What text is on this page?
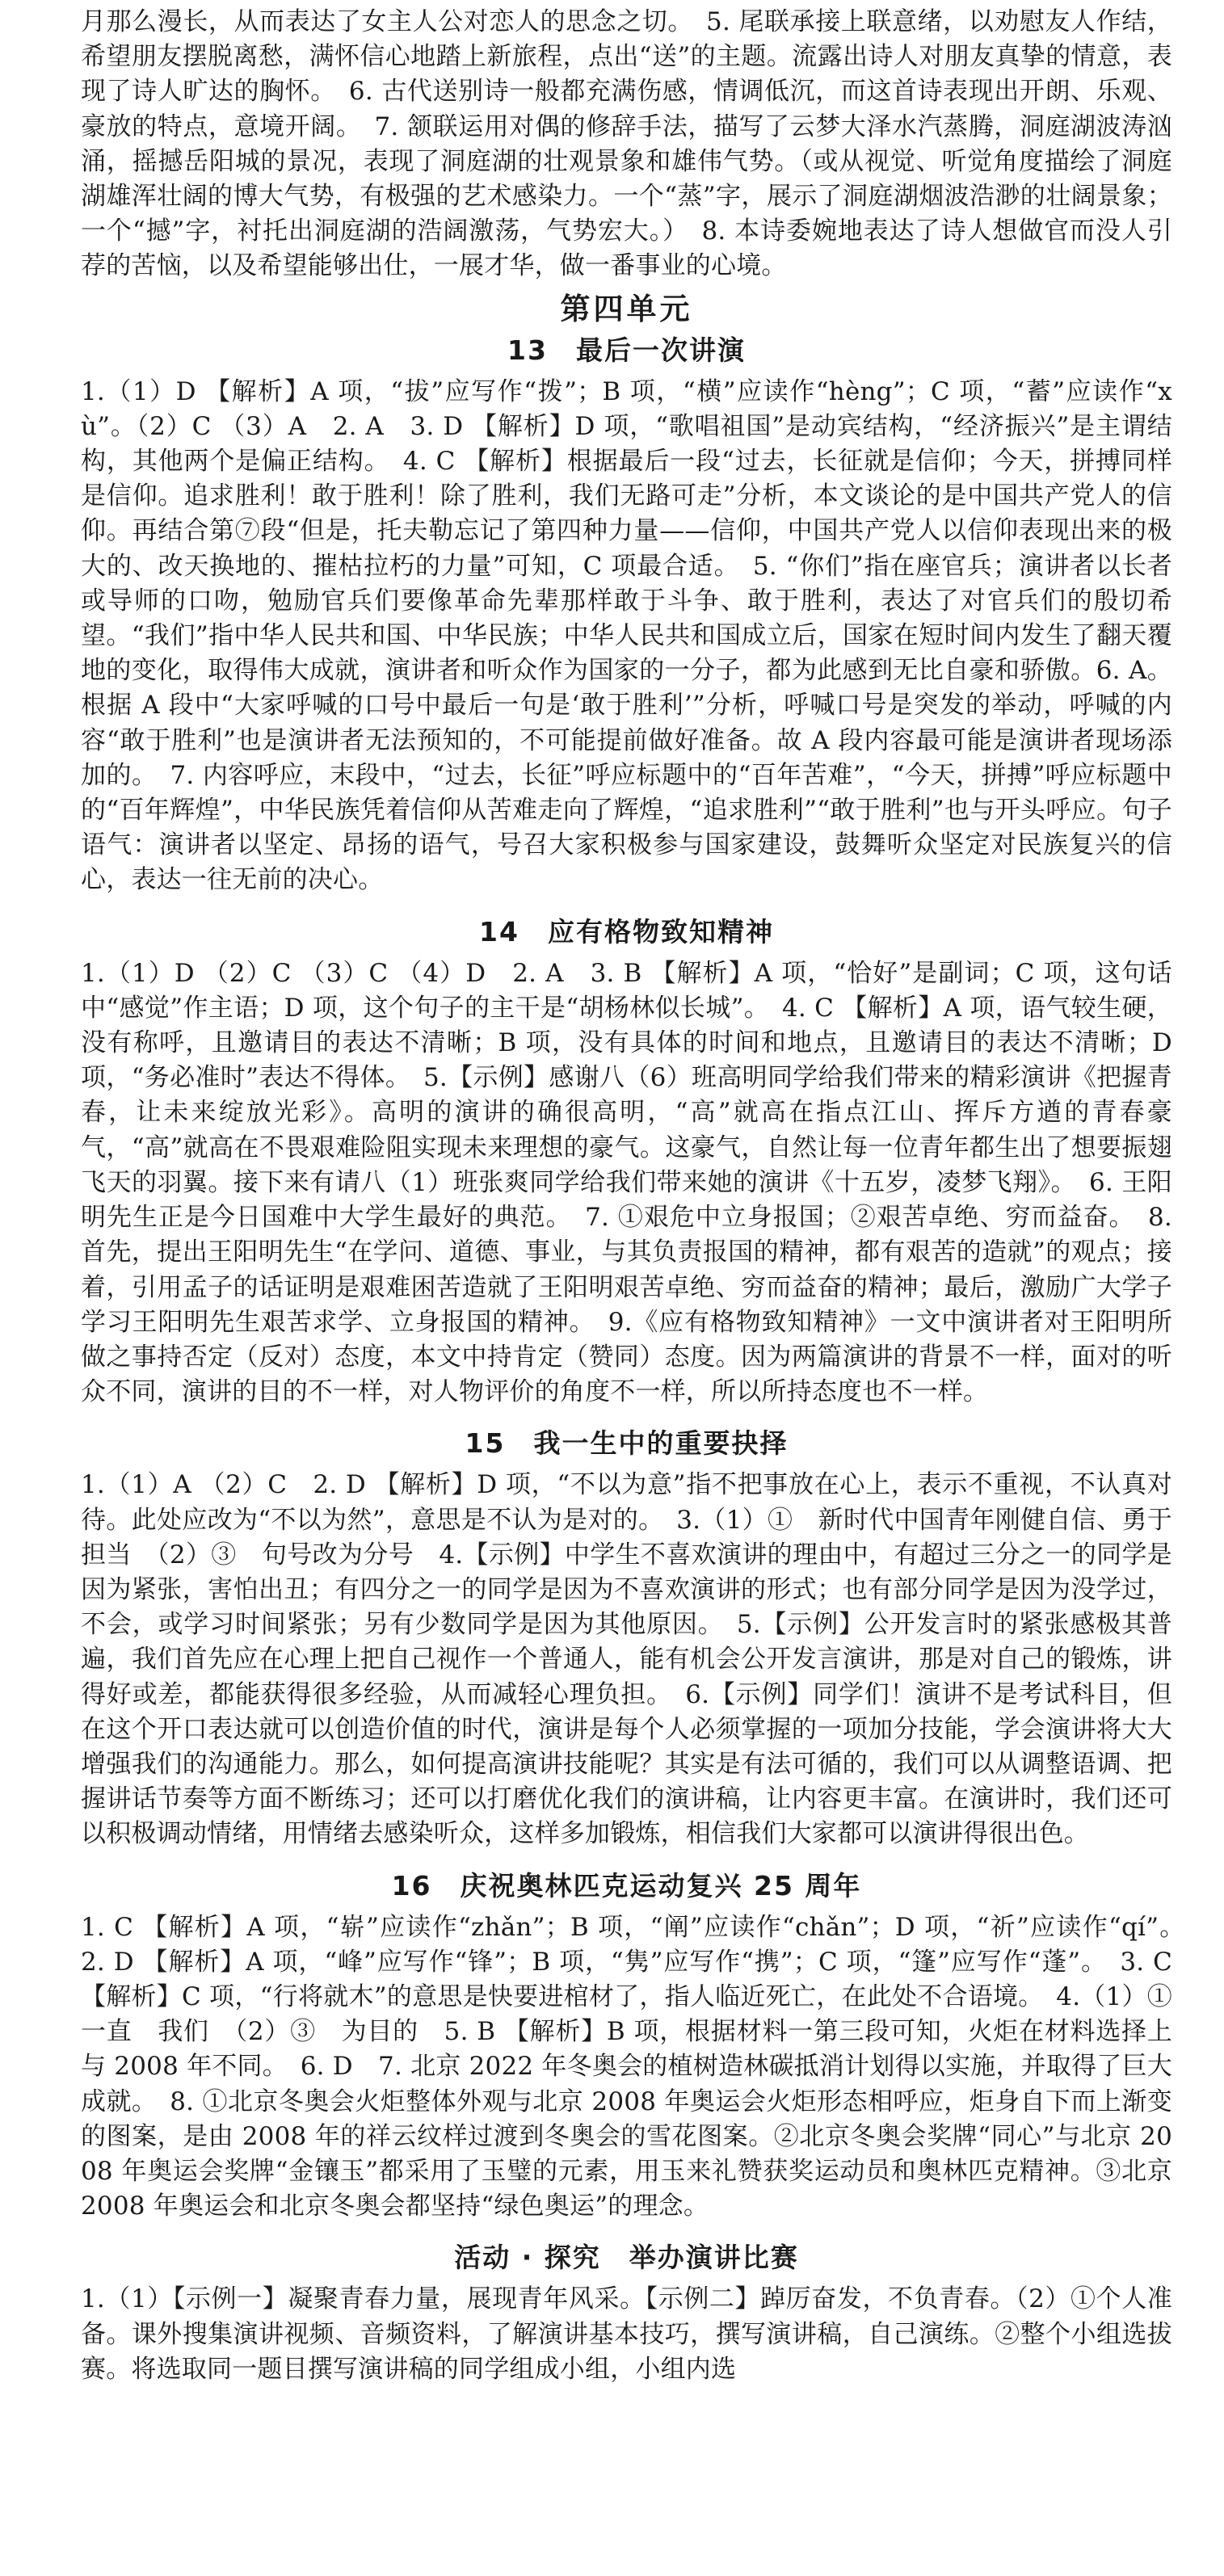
月那么漫长，从而表达了女主人公对恋人的思念之切。　5. 尾联承接上联意绪，以劝慰友人作结，希望朋友摆脱离愁，满怀信心地踏上新旅程，点出“送”的主题。流露出诗人对朋友真挚的情意，表现了诗人旷达的胸怀。　6. 古代送别诗一般都充满伤感，情调低沉，而这首诗表现出开朗、乐观、豪放的特点，意境开阔。　7. 颔联运用对偶的修辞手法，描写了云梦大泽水汽蒸腾，洞庭湖波涛汹涌，摇撼岳阳城的景况，表现了洞庭湖的壮观景象和雄伟气势。（或从视觉、听觉角度描绘了洞庭湖雄浑壮阔的博大气势，有极强的艺术感染力。一个“蒸”字，展示了洞庭湖烟波浩渺的壮阔景象；一个“撼”字，衬托出洞庭湖的浩阔激荡，气势宏大。）　8. 本诗委婉地表达了诗人想做官而没人引荐的苦恼，以及希望能够出仕，一展才华，做一番事业的心境。

第四单元
13　最后一次讲演

1.（1）D 【解析】A 项，“拔”应写作“拨”；B 项，“横”应读作“hèng”；C 项，“蓄”应读作“xù”。（2）C （3）A　2. A　3. D 【解析】D 项，“歌唱祖国”是动宾结构，“经济振兴”是主谓结构，其他两个是偏正结构。　4. C 【解析】根据最后一段“过去，长征就是信仰；今天，拼搏同样是信仰。追求胜利！敢于胜利！除了胜利，我们无路可走”分析，本文谈论的是中国共产党人的信仰。再结合第⑦段“但是，托夫勒忘记了第四种力量——信仰，中国共产党人以信仰表现出来的极大的、改天换地的、摧枯拉朽的力量”可知，C 项最合适。　5. “你们”指在座官兵；演讲者以长者或导师的口吻，勉励官兵们要像革命先辈那样敢于斗争、敢于胜利，表达了对官兵们的殷切希望。“我们”指中华人民共和国、中华民族；中华人民共和国成立后，国家在短时间内发生了翻天覆地的变化，取得伟大成就，演讲者和听众作为国家的一分子，都为此感到无比自豪和骄傲。6. A。根据 A 段中“大家呼喊的口号中最后一句是‘敢于胜利’”分析，呼喊口号是突发的举动，呼喊的内容“敢于胜利”也是演讲者无法预知的，不可能提前做好准备。故 A 段内容最可能是演讲者现场添加的。　7. 内容呼应，末段中，“过去，长征”呼应标题中的“百年苦难”，“今天，拼搏”呼应标题中的“百年辉煌”，中华民族凭着信仰从苦难走向了辉煌，“追求胜利”“敢于胜利”也与开头呼应。句子语气：演讲者以坚定、昂扬的语气，号召大家积极参与国家建设，鼓舞听众坚定对民族复兴的信心，表达一往无前的决心。

14　应有格物致知精神

1.（1）D （2）C （3）C （4）D　2. A　3. B 【解析】A 项，“恰好”是副词；C 项，这句话中“感觉”作主语；D 项，这个句子的主干是“胡杨林似长城”。　4. C 【解析】A 项，语气较生硬，没有称呼，且邀请目的表达不清晰；B 项，没有具体的时间和地点，且邀请目的表达不清晰；D 项，“务必准时”表达不得体。　5.【示例】感谢八（6）班高明同学给我们带来的精彩演讲《把握青春，让未来绽放光彩》。高明的演讲的确很高明，“高”就高在指点江山、挥斥方遒的青春豪气，“高”就高在不畏艰难险阻实现未来理想的豪气。这豪气，自然让每一位青年都生出了想要振翅飞天的羽翼。接下来有请八（1）班张爽同学给我们带来她的演讲《十五岁，凌梦飞翔》。　6. 王阳明先生正是今日国难中大学生最好的典范。　7. ①艰危中立身报国；②艰苦卓绝、穷而益奋。　8. 首先，提出王阳明先生“在学问、道德、事业，与其负责报国的精神，都有艰苦的造就”的观点；接着，引用孟子的话证明是艰难困苦造就了王阳明艰苦卓绝、穷而益奋的精神；最后，激励广大学子学习王阳明先生艰苦求学、立身报国的精神。　9.《应有格物致知精神》一文中演讲者对王阳明所做之事持否定（反对）态度，本文中持肯定（赞同）态度。因为两篇演讲的背景不一样，面对的听众不同，演讲的目的不一样，对人物评价的角度不一样，所以所持态度也不一样。

15　我一生中的重要抉择

1.（1）A （2）C　2. D 【解析】D 项，“不以为意”指不把事放在心上，表示不重视，不认真对待。此处应改为“不以为然”，意思是不认为是对的。　3.（1）①　新时代中国青年刚健自信、勇于担当　（2）③　句号改为分号　4.【示例】中学生不喜欢演讲的理由中，有超过三分之一的同学是因为紧张，害怕出丑；有四分之一的同学是因为不喜欢演讲的形式；也有部分同学是因为没学过，不会，或学习时间紧张；另有少数同学是因为其他原因。　5.【示例】公开发言时的紧张感极其普遍，我们首先应在心理上把自己视作一个普通人，能有机会公开发言演讲，那是对自己的锻炼，讲得好或差，都能获得很多经验，从而减轻心理负担。　6.【示例】同学们！演讲不是考试科目，但在这个开口表达就可以创造价值的时代，演讲是每个人必须掌握的一项加分技能，学会演讲将大大增强我们的沟通能力。那么，如何提高演讲技能呢？其实是有法可循的，我们可以从调整语调、把握讲话节奏等方面不断练习；还可以打磨优化我们的演讲稿，让内容更丰富。在演讲时，我们还可以积极调动情绪，用情绪去感染听众，这样多加锻炼，相信我们大家都可以演讲得很出色。

16　庆祝奥林匹克运动复兴 25 周年

1. C 【解析】A 项，“崭”应读作“zhǎn”；B 项，“阐”应读作“chǎn”；D 项，“祈”应读作“qí”。　2. D 【解析】A 项，“峰”应写作“锋”；B 项，“隽”应写作“携”；C 项，“篷”应写作“蓬”。　3. C 【解析】C 项，“行将就木”的意思是快要进棺材了，指人临近死亡，在此处不合语境。　4.（1）①　一直　我们　（2）③　为目的　5. B 【解析】B 项，根据材料一第三段可知，火炬在材料选择上与 2008 年不同。　6. D　7. 北京 2022 年冬奥会的植树造林碳抵消计划得以实施，并取得了巨大成就。　8. ①北京冬奥会火炬整体外观与北京 2008 年奥运会火炬形态相呼应，炬身自下而上渐变的图案，是由 2008 年的祥云纹样过渡到冬奥会的雪花图案。②北京冬奥会奖牌“同心”与北京 2008 年奥运会奖牌“金镶玉”都采用了玉璧的元素，用玉来礼赞获奖运动员和奥林匹克精神。③北京 2008 年奥运会和北京冬奥会都坚持“绿色奥运”的理念。

活动 · 探究　举办演讲比赛

1.（1）【示例一】凝聚青春力量，展现青年风采。【示例二】踔厉奋发，不负青春。（2）①个人准备。课外搜集演讲视频、音频资料，了解演讲基本技巧，撰写演讲稿，自己演练。②整个小组选拔赛。将选取同一题目撰写演讲稿的同学组成小组，小组内选
